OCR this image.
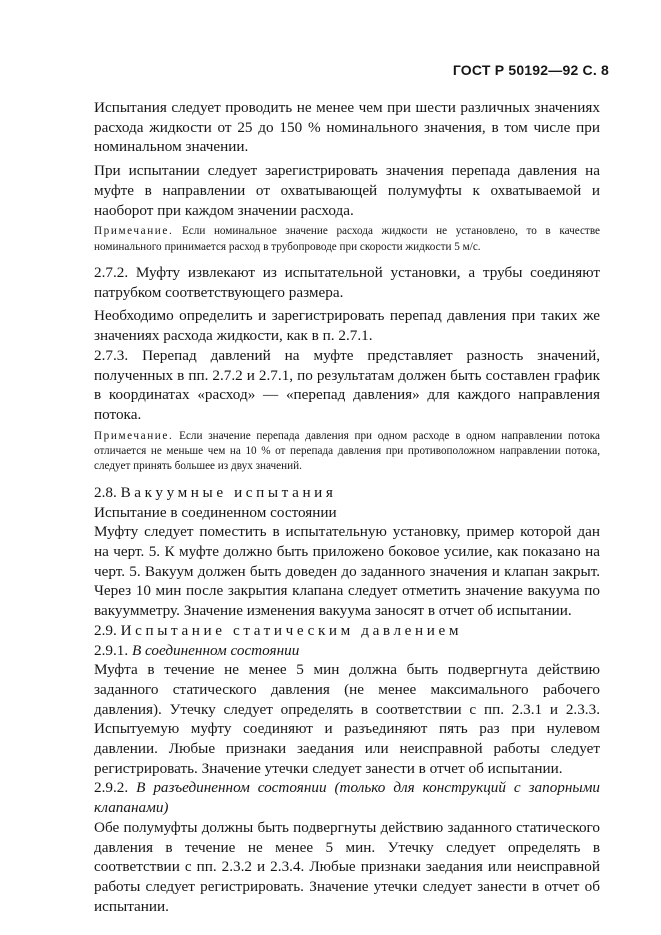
ГОСТ Р 50192—92 С. 8

Испытания следует проводить не менее чем при шести различных значениях расхода жидкости от 25 до 150 % номинального значения, в том числе при номинальном значении.

При испытании следует зарегистрировать значения перепада давления на муфте в направлении от охватывающей полумуфты к охватываемой и наоборот при каждом значении расхода.

Примечание. Если номинальное значение расхода жидкости не установлено, то в качестве номинального принимается расход в трубопроводе при скорости жидкости 5 м/с.

2.7.2. Муфту извлекают из испытательной установки, а трубы соединяют патрубком соответствующего размера.

Необходимо определить и зарегистрировать перепад давления при таких же значениях расхода жидкости, как в п. 2.7.1.

2.7.3. Перепад давлений на муфте представляет разность значений, полученных в пп. 2.7.2 и 2.7.1, по результатам должен быть составлен график в координатах «расход» — «перепад давления» для каждого направления потока.

Примечание. Если значение перепада давления при одном расходе в одном направлении потока отличается не меньше чем на 10 % от перепада давления при противоположном направлении потока, следует принять большее из двух значений.

2.8. Вакуумные испытания

Испытание в соединенном состоянии

Муфту следует поместить в испытательную установку, пример которой дан на черт. 5. К муфте должно быть приложено боковое усилие, как показано на черт. 5. Вакуум должен быть доведен до заданного значения и клапан закрыт. Через 10 мин после закрытия клапана следует отметить значение вакуума по вакуумметру. Значение изменения вакуума заносят в отчет об испытании.

2.9. Испытание статическим давлением

2.9.1. В соединенном состоянии

Муфта в течение не менее 5 мин должна быть подвергнута действию заданного статического давления (не менее максимального рабочего давления). Утечку следует определять в соответствии с пп. 2.3.1 и 2.3.3. Испытуемую муфту соединяют и разъединяют пять раз при нулевом давлении. Любые признаки заедания или неисправной работы следует регистрировать. Значение утечки следует занести в отчет об испытании.

2.9.2. В разъединенном состоянии (только для конструкций с запорными клапанами)

Обе полумуфты должны быть подвергнуты действию заданного статического давления в течение не менее 5 мин. Утечку следует определять в соответствии с пп. 2.3.2 и 2.3.4. Любые признаки заедания или неисправной работы следует регистрировать. Значение утечки следует занести в отчет об испытании.
